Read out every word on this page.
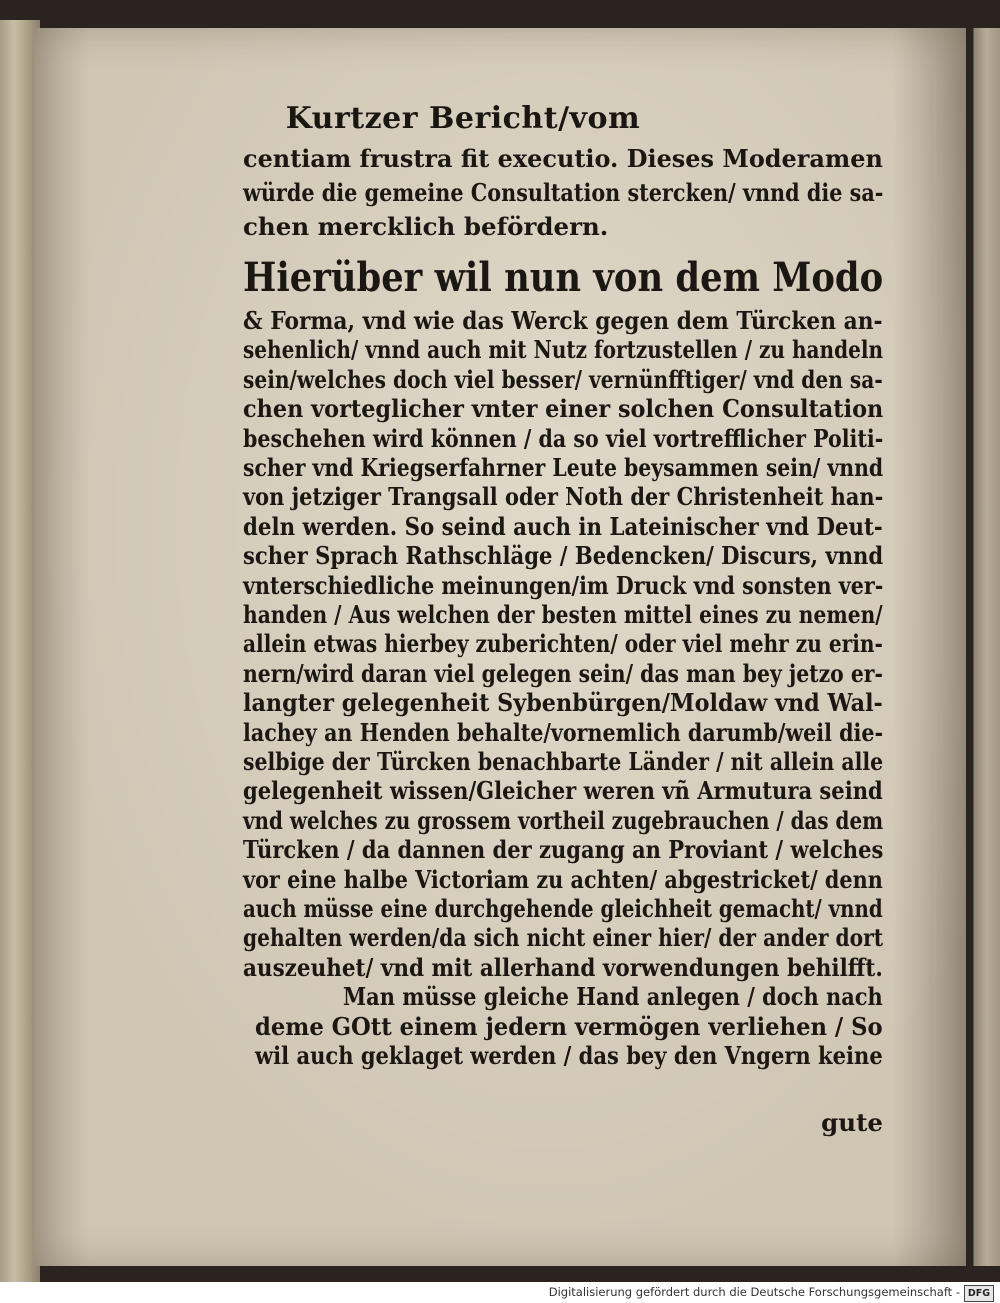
Kurtzer Bericht/vom
centiam frustra fit executio. Dieses Moderamen
würde die gemeine Consultation stercken/ vnnd die sa-
chen mercklich befördern.
Hierüber wil nun von dem Modo
& Forma, vnd wie das Werck gegen dem Türcken an-
sehenlich/ vnnd auch mit Nutz fortzustellen / zu handeln
sein/welches doch viel besser/ vernünfftiger/ vnd den sa-
chen vorteglicher vnter einer solchen Consultation
beschehen wird können / da so viel vortrefflicher Politi-
scher vnd Kriegserfahrner Leute beysammen sein/ vnnd
von jetziger Trangsall oder Noth der Christenheit han-
deln werden. So seind auch in Lateinischer vnd Deut-
scher Sprach Rathschläge / Bedencken/ Discurs, vnnd
vnterschiedliche meinungen/im Druck vnd sonsten ver-
handen / Aus welchen der besten mittel eines zu nemen/
allein etwas hierbey zuberichten/ oder viel mehr zu erin-
nern/wird daran viel gelegen sein/ das man bey jetzo er-
langter gelegenheit Sybenbürgen/Moldaw vnd Wal-
lachey an Henden behalte/vornemlich darumb/weil die-
selbige der Türcken benachbarte Länder / nit allein alle
gelegenheit wissen/Gleicher weren vñ Armutura seind
vnd welches zu grossem vortheil zugebrauchen / das dem
Türcken / da dannen der zugang an Proviant / welches
vor eine halbe Victoriam zu achten/ abgestricket/ denn
auch müsse eine durchgehende gleichheit gemacht/ vnnd
gehalten werden/da sich nicht einer hier/ der ander dort
auszeuhet/ vnd mit allerhand vorwendungen behilfft.
Man müsse gleiche Hand anlegen / doch nach
deme GOtt einem jedern vermögen verliehen / So
wil auch geklaget werden / das bey den Vngern keine
gute
Digitalisierung gefördert durch die Deutsche Forschungsgemeinschaft - DFG
